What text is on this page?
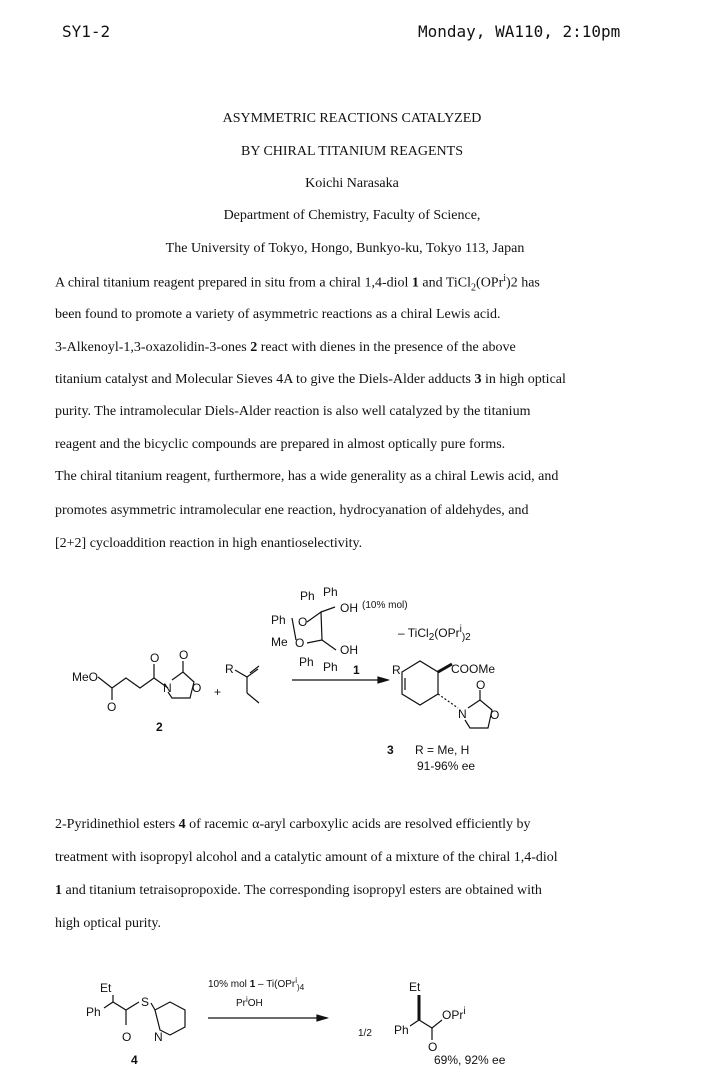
SY1-2	Monday, WA110, 2:10pm
ASYMMETRIC REACTIONS CATALYZED
BY CHIRAL TITANIUM REAGENTS
Koichi Narasaka
Department of Chemistry, Faculty of Science,
The University of Tokyo, Hongo, Bunkyo-ku, Tokyo 113, Japan
A chiral titanium reagent prepared in situ from a chiral 1,4-diol 1 and TiCl$_2$(OPr$^i$)2 has
been found to promote a variety of asymmetric reactions as a chiral Lewis acid.
3-Alkenoyl-1,3-oxazolidin-3-ones 2 react with dienes in the presence of the above
titanium catalyst and Molecular Sieves 4A to give the Diels-Alder adducts 3 in high optical
purity. The intramolecular Diels-Alder reaction is also well catalyzed by the titanium
reagent and the bicyclic compounds are prepared in almost optically pure forms.
The chiral titanium reagent, furthermore, has a wide generality as a chiral Lewis acid, and
promotes asymmetric intramolecular ene reaction, hydrocyanation of aldehydes, and
[2+2] cycloaddition reaction in high enantioselectivity.
2-Pyridinethiol esters 4 of racemic α-aryl carboxylic acids are resolved efficiently by
treatment with isopropyl alcohol and a catalytic amount of a mixture of the chiral 1,4-diol
1 and titanium tetraisopropoxide. The corresponding isopropyl esters are obtained with
high optical purity.
MeO
O
O
N
O
O
2
+
R
Ph Ph
OH (10% mol)
Ph O
– TiCl$_2$(OPr$^i_{)2}$
Me O	OH
Ph Ph 1	R	COOMe
N
O
O
3 R = Me, H
91-96% ee
Et
Ph
S
O N
4
10% mol 1 – Ti(OPr$^i_{)4}$
Pr$^i$OH
1/2 Ph
Et
OPr$^i$
O
69%, 92% ee
